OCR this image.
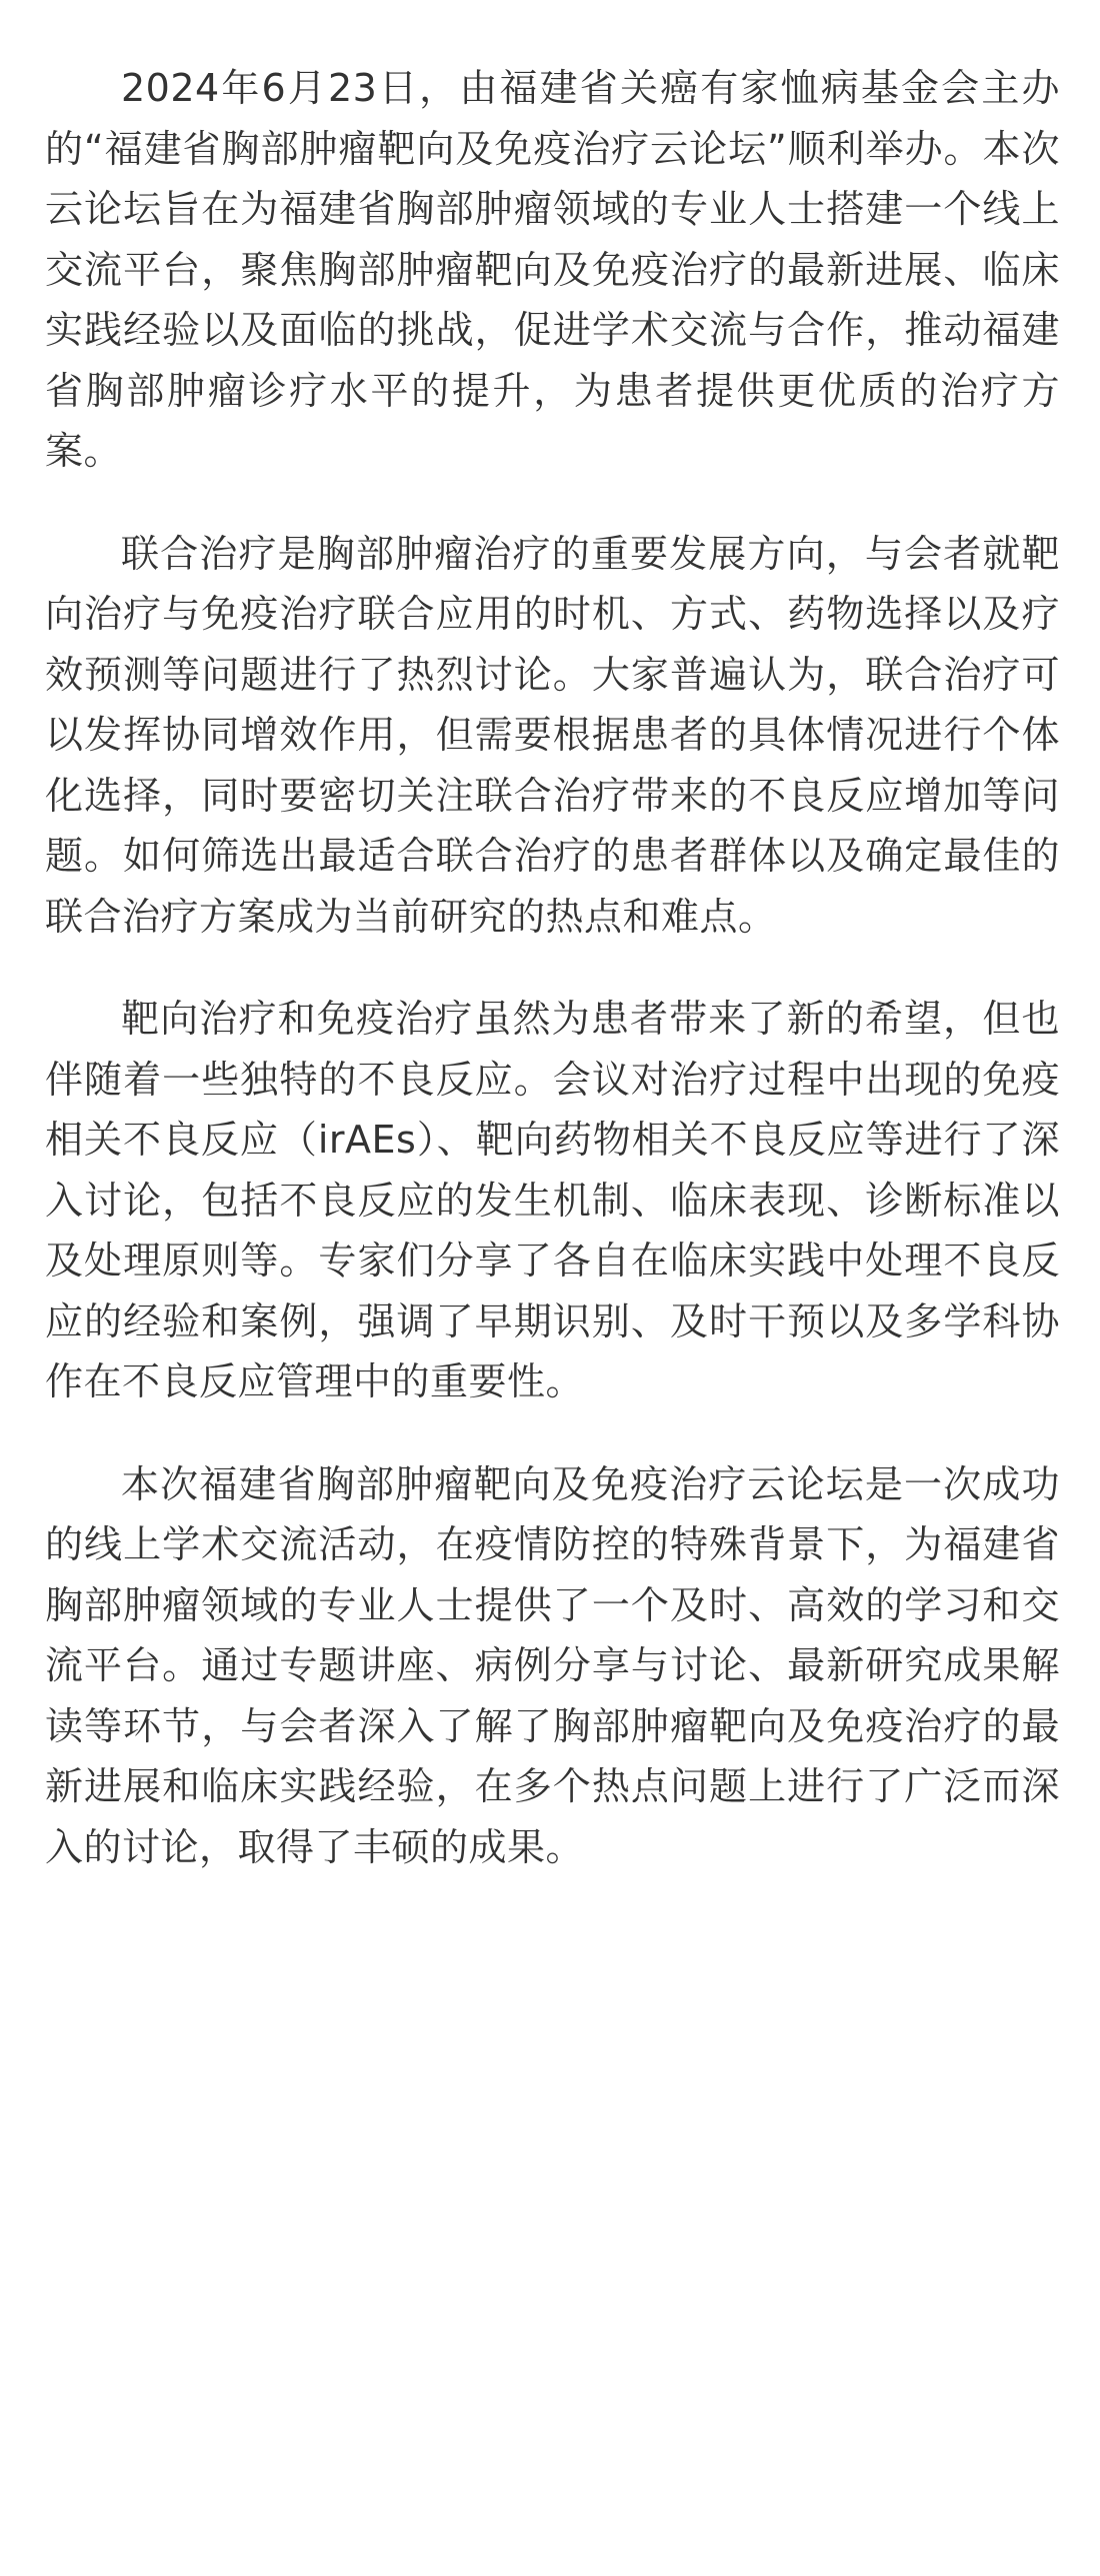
2024年6月23日，由福建省关癌有家恤病基金会主办的“福建省胸部肿瘤靶向及免疫治疗云论坛”顺利举办。本次云论坛旨在为福建省胸部肿瘤领域的专业人士搭建一个线上交流平台，聚焦胸部肿瘤靶向及免疫治疗的最新进展、临床实践经验以及面临的挑战，促进学术交流与合作，推动福建省胸部肿瘤诊疗水平的提升，为患者提供更优质的治疗方案。

联合治疗是胸部肿瘤治疗的重要发展方向，与会者就靶向治疗与免疫治疗联合应用的时机、方式、药物选择以及疗效预测等问题进行了热烈讨论。大家普遍认为，联合治疗可以发挥协同增效作用，但需要根据患者的具体情况进行个体化选择，同时要密切关注联合治疗带来的不良反应增加等问题。如何筛选出最适合联合治疗的患者群体以及确定最佳的联合治疗方案成为当前研究的热点和难点。

靶向治疗和免疫治疗虽然为患者带来了新的希望，但也伴随着一些独特的不良反应。会议对治疗过程中出现的免疫相关不良反应（irAEs）、靶向药物相关不良反应等进行了深入讨论，包括不良反应的发生机制、临床表现、诊断标准以及处理原则等。专家们分享了各自在临床实践中处理不良反应的经验和案例，强调了早期识别、及时干预以及多学科协作在不良反应管理中的重要性。

本次福建省胸部肿瘤靶向及免疫治疗云论坛是一次成功的线上学术交流活动，在疫情防控的特殊背景下，为福建省胸部肿瘤领域的专业人士提供了一个及时、高效的学习和交流平台。通过专题讲座、病例分享与讨论、最新研究成果解读等环节，与会者深入了解了胸部肿瘤靶向及免疫治疗的最新进展和临床实践经验，在多个热点问题上进行了广泛而深入的讨论，取得了丰硕的成果。
